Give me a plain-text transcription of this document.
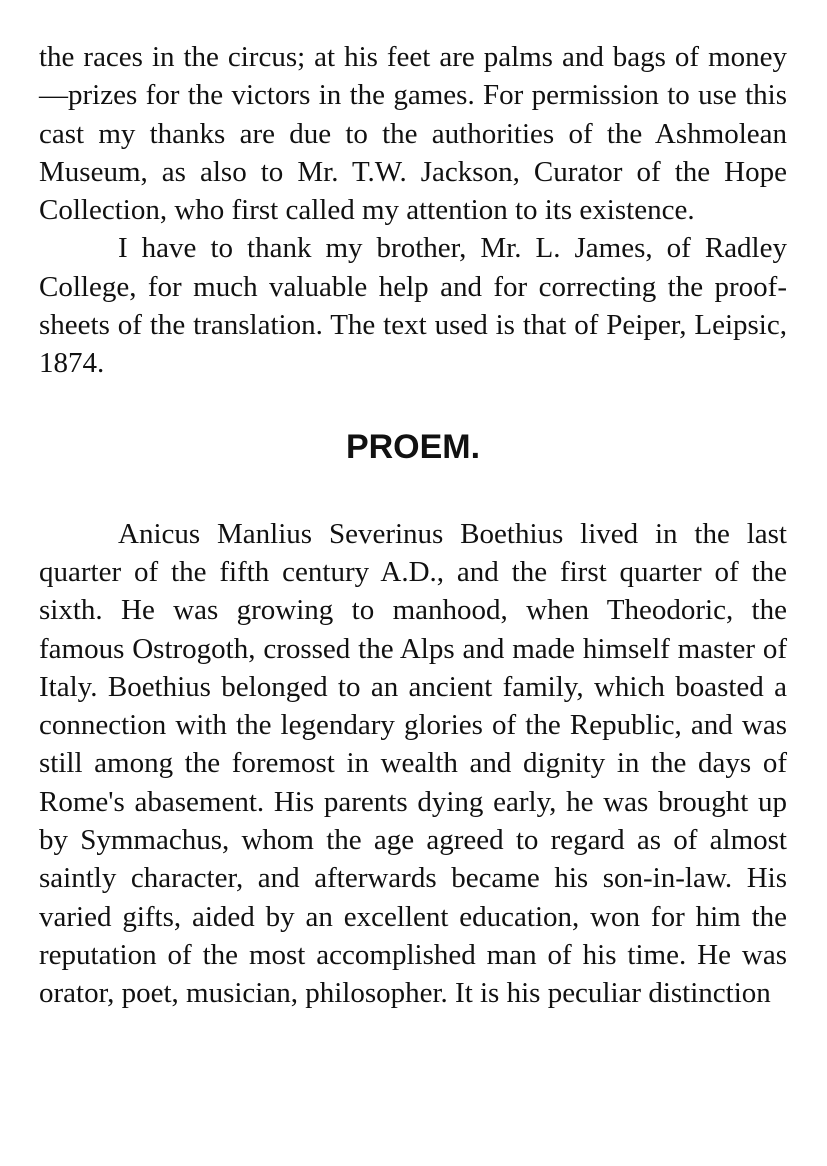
the races in the circus; at his feet are palms and bags of money—prizes for the victors in the games. For permission to use this cast my thanks are due to the authorities of the Ashmolean Museum, as also to Mr. T.W. Jackson, Curator of the Hope Collection, who first called my attention to its existence.

I have to thank my brother, Mr. L. James, of Radley College, for much valuable help and for correcting the proof-sheets of the translation. The text used is that of Peiper, Leipsic, 1874.

PROEM.

Anicus Manlius Severinus Boethius lived in the last quarter of the fifth century A.D., and the first quarter of the sixth. He was growing to manhood, when Theodoric, the famous Ostrogoth, crossed the Alps and made himself master of Italy. Boethius belonged to an ancient family, which boasted a connection with the legendary glories of the Republic, and was still among the foremost in wealth and dignity in the days of Rome's abasement. His parents dying early, he was brought up by Symmachus, whom the age agreed to regard as of almost saintly character, and afterwards became his son-in-law. His varied gifts, aided by an excellent education, won for him the reputation of the most accomplished man of his time. He was orator, poet, musician, philosopher. It is his peculiar distinction
